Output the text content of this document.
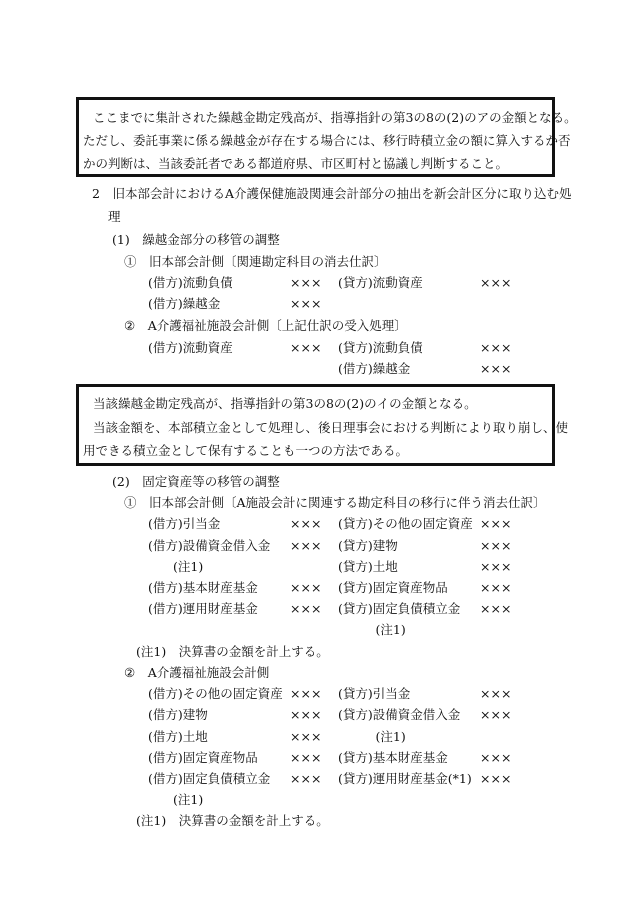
ここまでに集計された繰越金勘定残高が、指導指針の第3の8の(2)のアの金額となる。
ただし、委託事業に係る繰越金が存在する場合には、移行時積立金の額に算入するか否
かの判断は、当該委託者である都道府県、市区町村と協議し判断すること。
2　旧本部会計におけるA介護保健施設関連会計部分の抽出を新会計区分に取り込む処
理
(1)　繰越金部分の移管の調整
①　旧本部会計側〔関連勘定科目の消去仕訳〕
(借方)流動負債	××× (貸方)流動資産	×××
(借方)繰越金	×××
②　A介護福祉施設会計側〔上記仕訳の受入処理〕
(借方)流動資産	××× (貸方)流動負債	×××
(借方)繰越金	×××
当該繰越金勘定残高が、指導指針の第3の8の(2)のイの金額となる。
当該金額を、本部積立金として処理し、後日理事会における判断により取り崩し、使
用できる積立金として保有することも一つの方法である。
(2)　固定資産等の移管の調整
①　旧本部会計側〔A施設会計に関連する勘定科目の移行に伴う消去仕訳〕
(借方)引当金	××× (貸方)その他の固定資産 ×××
(借方)設備資金借入金 ××× (貸方)建物	×××
　　(注1)	(貸方)土地	×××
(借方)基本財産基金	××× (貸方)固定資産物品	×××
(借方)運用財産基金	××× (貸方)固定負債積立金 ×××
　　　(注1)
(注1)　決算書の金額を計上する。
②　A介護福祉施設会計側
(借方)その他の固定資産 ××× (貸方)引当金	×××
(借方)建物	××× (貸方)設備資金借入金 ×××
(借方)土地	××× 　　　(注1)
(借方)固定資産物品	××× (貸方)基本財産基金	×××
(借方)固定負債積立金 ××× (貸方)運用財産基金(*1) ×××
　　(注1)
(注1)　決算書の金額を計上する。
